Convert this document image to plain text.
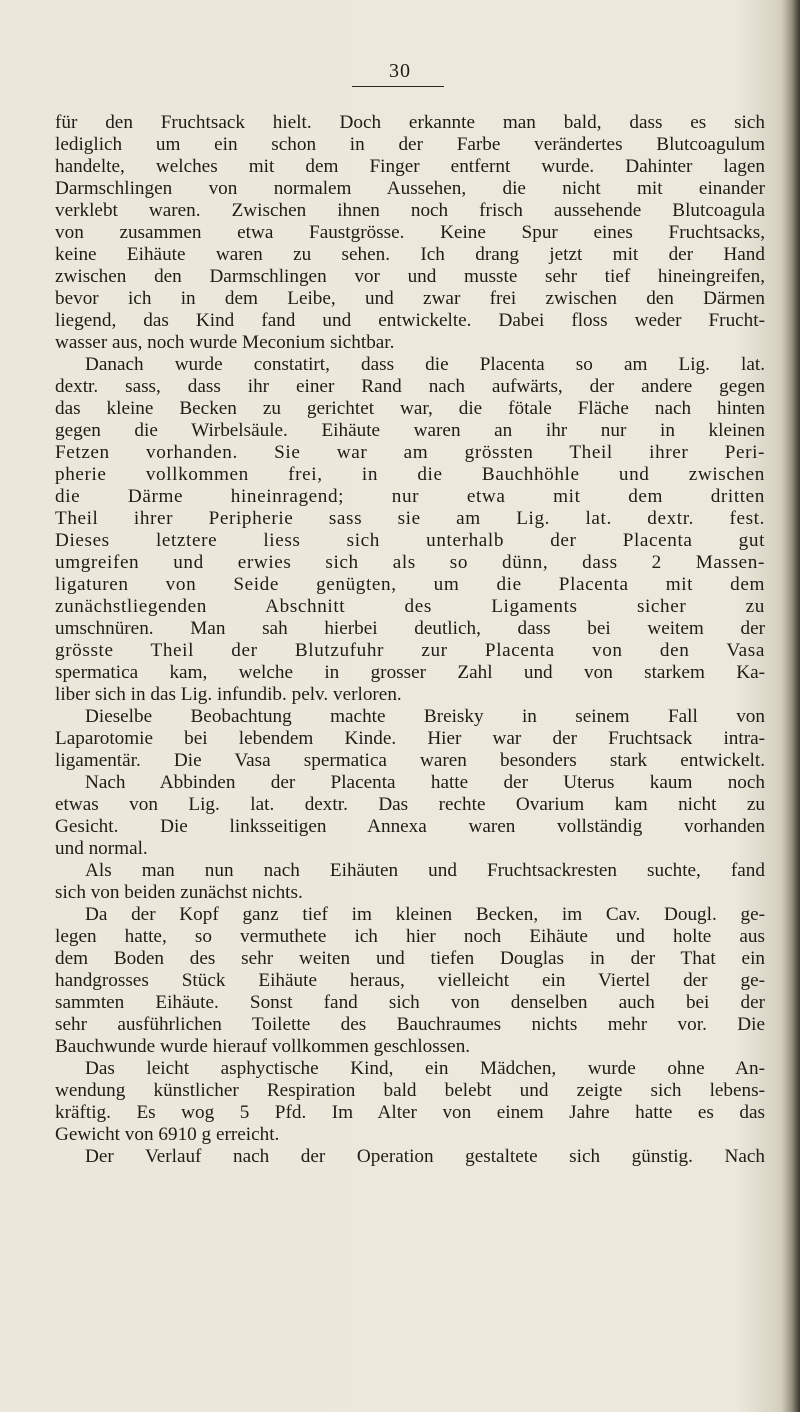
30
für den Fruchtsack hielt. Doch erkannte man bald, dass es sich
lediglich um ein schon in der Farbe verändertes Blutcoagulum
handelte, welches mit dem Finger entfernt wurde. Dahinter lagen
Darmschlingen von normalem Aussehen, die nicht mit einander
verklebt waren. Zwischen ihnen noch frisch aussehende Blutcoagula
von zusammen etwa Faustgrösse. Keine Spur eines Fruchtsacks,
keine Eihäute waren zu sehen. Ich drang jetzt mit der Hand
zwischen den Darmschlingen vor und musste sehr tief hineingreifen,
bevor ich in dem Leibe, und zwar frei zwischen den Därmen
liegend, das Kind fand und entwickelte. Dabei floss weder Frucht-
wasser aus, noch wurde Meconium sichtbar.
Danach wurde constatirt, dass die Placenta so am Lig. lat.
dextr. sass, dass ihr einer Rand nach aufwärts, der andere gegen
das kleine Becken zu gerichtet war, die fötale Fläche nach hinten
gegen die Wirbelsäule. Eihäute waren an ihr nur in kleinen
Fetzen vorhanden. Sie war am grössten Theil ihrer Peri-
pherie vollkommen frei, in die Bauchhöhle und zwischen
die Därme hineinragend; nur etwa mit dem dritten
Theil ihrer Peripherie sass sie am Lig. lat. dextr. fest.
Dieses letztere liess sich unterhalb der Placenta gut
umgreifen und erwies sich als so dünn, dass 2 Massen-
ligaturen von Seide genügten, um die Placenta mit dem
zunächstliegenden Abschnitt des Ligaments sicher zu
umschnüren. Man sah hierbei deutlich, dass bei weitem der
grösste Theil der Blutzufuhr zur Placenta von den Vasa
spermatica kam, welche in grosser Zahl und von starkem Ka-
liber sich in das Lig. infundib. pelv. verloren.
Dieselbe Beobachtung machte Breisky in seinem Fall von
Laparotomie bei lebendem Kinde. Hier war der Fruchtsack intra-
ligamentär. Die Vasa spermatica waren besonders stark entwickelt.
Nach Abbinden der Placenta hatte der Uterus kaum noch
etwas von Lig. lat. dextr. Das rechte Ovarium kam nicht zu
Gesicht. Die linksseitigen Annexa waren vollständig vorhanden
und normal.
Als man nun nach Eihäuten und Fruchtsackresten suchte, fand
sich von beiden zunächst nichts.
Da der Kopf ganz tief im kleinen Becken, im Cav. Dougl. ge-
legen hatte, so vermuthete ich hier noch Eihäute und holte aus
dem Boden des sehr weiten und tiefen Douglas in der That ein
handgrosses Stück Eihäute heraus, vielleicht ein Viertel der ge-
sammten Eihäute. Sonst fand sich von denselben auch bei der
sehr ausführlichen Toilette des Bauchraumes nichts mehr vor. Die
Bauchwunde wurde hierauf vollkommen geschlossen.
Das leicht asphyctische Kind, ein Mädchen, wurde ohne An-
wendung künstlicher Respiration bald belebt und zeigte sich lebens-
kräftig. Es wog 5 Pfd. Im Alter von einem Jahre hatte es das
Gewicht von 6910 g erreicht.
Der Verlauf nach der Operation gestaltete sich günstig. Nach
